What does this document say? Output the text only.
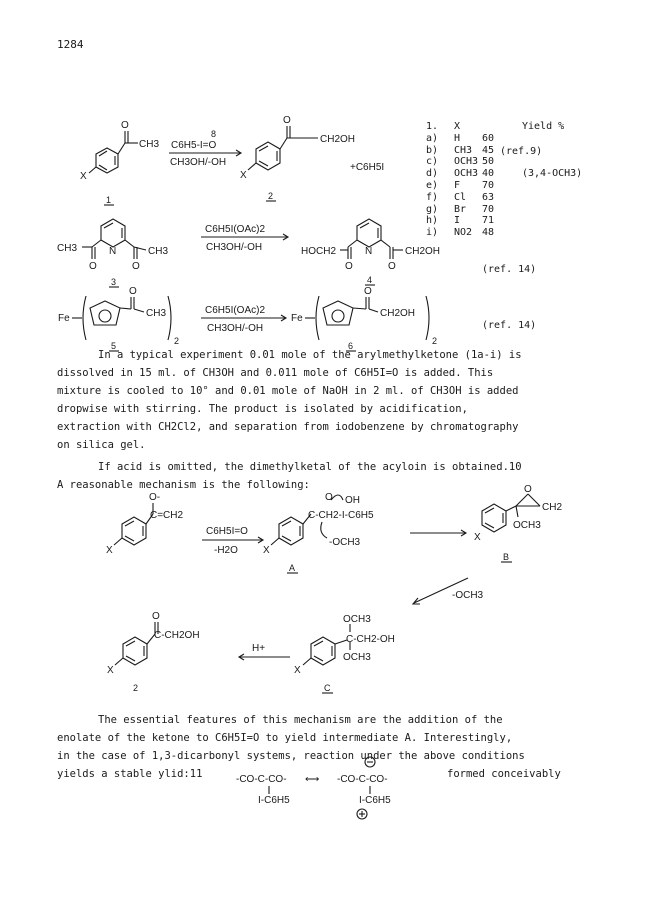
1284
1.	X	Yield %
a)	H	60
b)	CH3 45
c)	OCH3 50
d)	OCH3 40	(3,4-OCH3)
e)	F	70
f)	Cl	63
g)	Br	70
h)	I	71
i)	NO2 48
(ref.9)
(ref. 14)
(ref. 14)
O
CH3
X
1
C6H5-I=O
8
CH3OH/-OH
O
CH2OH
X
2
+C6H5I
CH3	CH3
N
O	O
3
C6H5I(OAc)2
CH3OH/-OH	HOCH2	CH2OH
N
O	O
4
Fe
O
CH3
2
5
C6H5I(OAc)2
CH3OH/-OH
Fe
O
CH2OH
2
6
O-
C=CH2
X
C6H5I=O
-H2O
O OH
C-CH2-I-C6H5
-OCH3
X
A
O
CH2
OCH3
X
B
-OCH3
OCH3
C-CH2-OH
OCH3
X
C
H+
O
C-CH2OH
X
2
-CO-C-CO-
I-C6H5
⟷ -CO-C-CO-
I-C6H5
In a typical experiment 0.01 mole of the arylmethylketone (1a-i) is
dissolved in 15 ml. of CH3OH and 0.011 mole of C6H5I=O is added. This
mixture is cooled to 10° and 0.01 mole of NaOH in 2 ml. of CH3OH is added
dropwise with stirring. The product is isolated by acidification,
extraction with CH2Cl2, and separation from iodobenzene by chromatography
on silica gel.
If acid is omitted, the dimethylketal of the acyloin is obtained.10
A reasonable mechanism is the following:
The essential features of this mechanism are the addition of the
enolate of the ketone to C6H5I=O to yield intermediate A. Interestingly,
in the case of 1,3-dicarbonyl systems, reaction under the above conditions
yields a stable ylid:11	formed conceivably
